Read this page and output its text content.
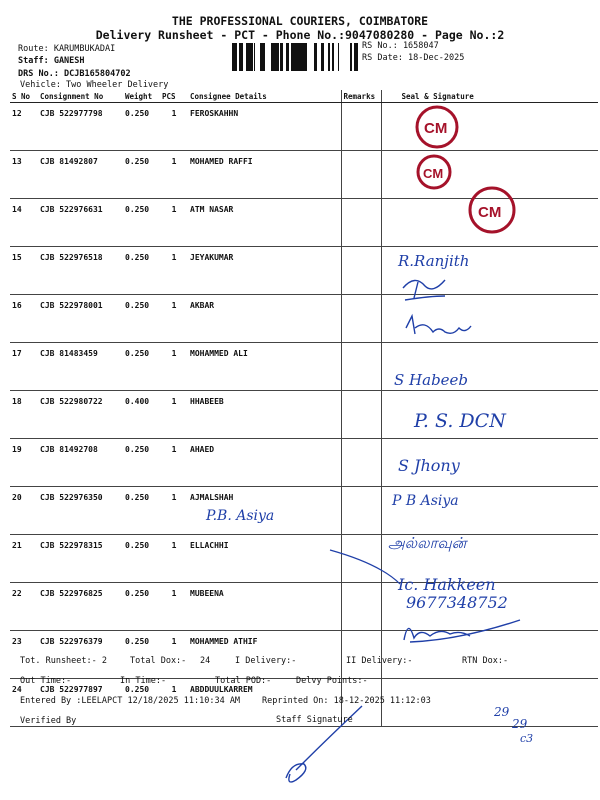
THE PROFESSIONAL COURIERS, COIMBATORE
Delivery Runsheet - PCT - Phone No.:9047080280 - Page No.:2
Route: KARUMBUKADAI
Staff: GANESH
DRS No.: DCJB165804702
Vehicle: Two Wheeler Delivery
RS No.: 1658047
RS Date: 18-Dec-2025
S No	Consignment No	Weight	PCS	Consignee Details	Remarks	Seal & Signature
12	CJB 522977798	0.250	1	FEROSKAHHN		
13	CJB 81492807	0.250	1	MOHAMED RAFFI		
14	CJB 522976631	0.250	1	ATM NASAR		
15	CJB 522976518	0.250	1	JEYAKUMAR		
16	CJB 522978001	0.250	1	AKBAR		
17	CJB 81483459	0.250	1	MOHAMMED ALI		
18	CJB 522980722	0.400	1	HHABEEB		
19	CJB 81492708	0.250	1	AHAED		
20	CJB 522976350	0.250	1	AJMALSHAH		
21	CJB 522978315	0.250	1	ELLACHHI		
22	CJB 522976825	0.250	1	MUBEENA		
23	CJB 522976379	0.250	1	MOHAMMED ATHIF		
24	CJB 522977897	0.250	1	ABDDUULKARREM		
CM
CM
CM
R.Ranjith
S Habeeb
P. S. DCN
S Jhony
P B Asiya
P.B. Asiya
அல்லாவுன்
Ic. Hakkeen
9677348752
29
29
c3
Tot. Runsheet:- 2	Total Dox:- 24	I Delivery:-	II Delivery:-	RTN Dox:-
Out Time:-	In Time:-	Total POD:-	Delvy Points:-
Entered By :LEELAPCT 12/18/2025 11:10:34 AM	Reprinted On: 18-12-2025 11:12:03
Verified By	Staff Signature
